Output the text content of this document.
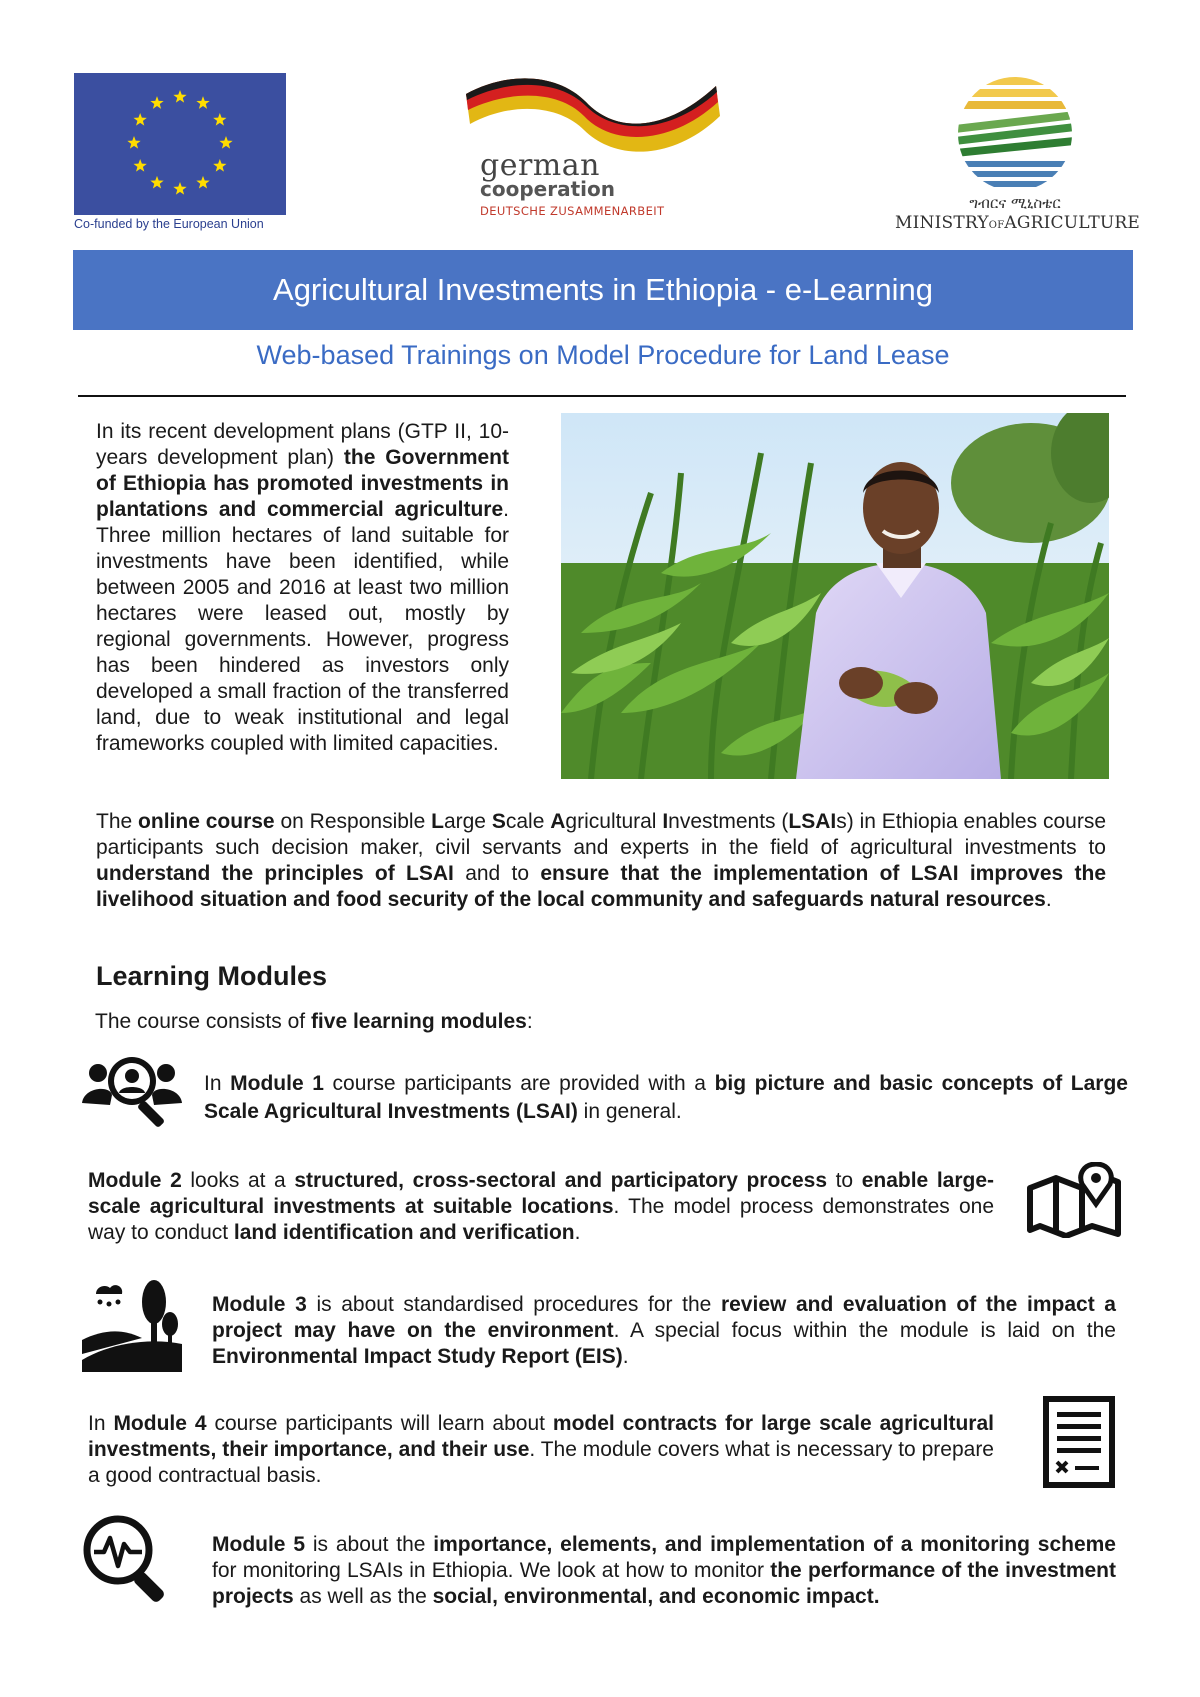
Co-funded by the European Union
german
cooperation
DEUTSCHE ZUSAMMENARBEIT	ግብርና ሚኒስቴር
MINISTRYOFAGRICULTURE
Agricultural Investments in Ethiopia - e-Learning
Web-based Trainings on Model Procedure for Land Lease

In its recent development plans (GTP II, 10-years development plan) the Government of Ethiopia has promoted investments in plantations and commercial agriculture. Three million hectares of land suitable for investments have been identified, while between 2005 and 2016 at least two million hectares were leased out, mostly by regional governments. However, progress has been hindered as investors only developed a small fraction of the transferred land, due to weak institutional and legal frameworks coupled with limited capacities.

The online course on Responsible Large Scale Agricultural Investments (LSAIs) in Ethiopia enables course participants such decision maker, civil servants and experts in the field of agricultural investments to understand the principles of LSAI and to ensure that the implementation of LSAI improves the livelihood situation and food security of the local community and safeguards natural resources.

Learning Modules

The course consists of five learning modules:

In Module 1 course participants are provided with a big picture and basic concepts of Large Scale Agricultural Investments (LSAI) in general.

Module 2 looks at a structured, cross-sectoral and participatory process to enable large-scale agricultural investments at suitable locations. The model process demonstrates one way to conduct land identification and verification.

Module 3 is about standardised procedures for the review and evaluation of the impact a project may have on the environment. A special focus within the module is laid on the Environmental Impact Study Report (EIS).

In Module 4 course participants will learn about model contracts for large scale agricultural investments, their importance, and their use. The module covers what is necessary to prepare a good contractual basis.

Module 5 is about the importance, elements, and implementation of a monitoring scheme for monitoring LSAIs in Ethiopia. We look at how to monitor the performance of the investment projects as well as the social, environmental, and economic impact.
